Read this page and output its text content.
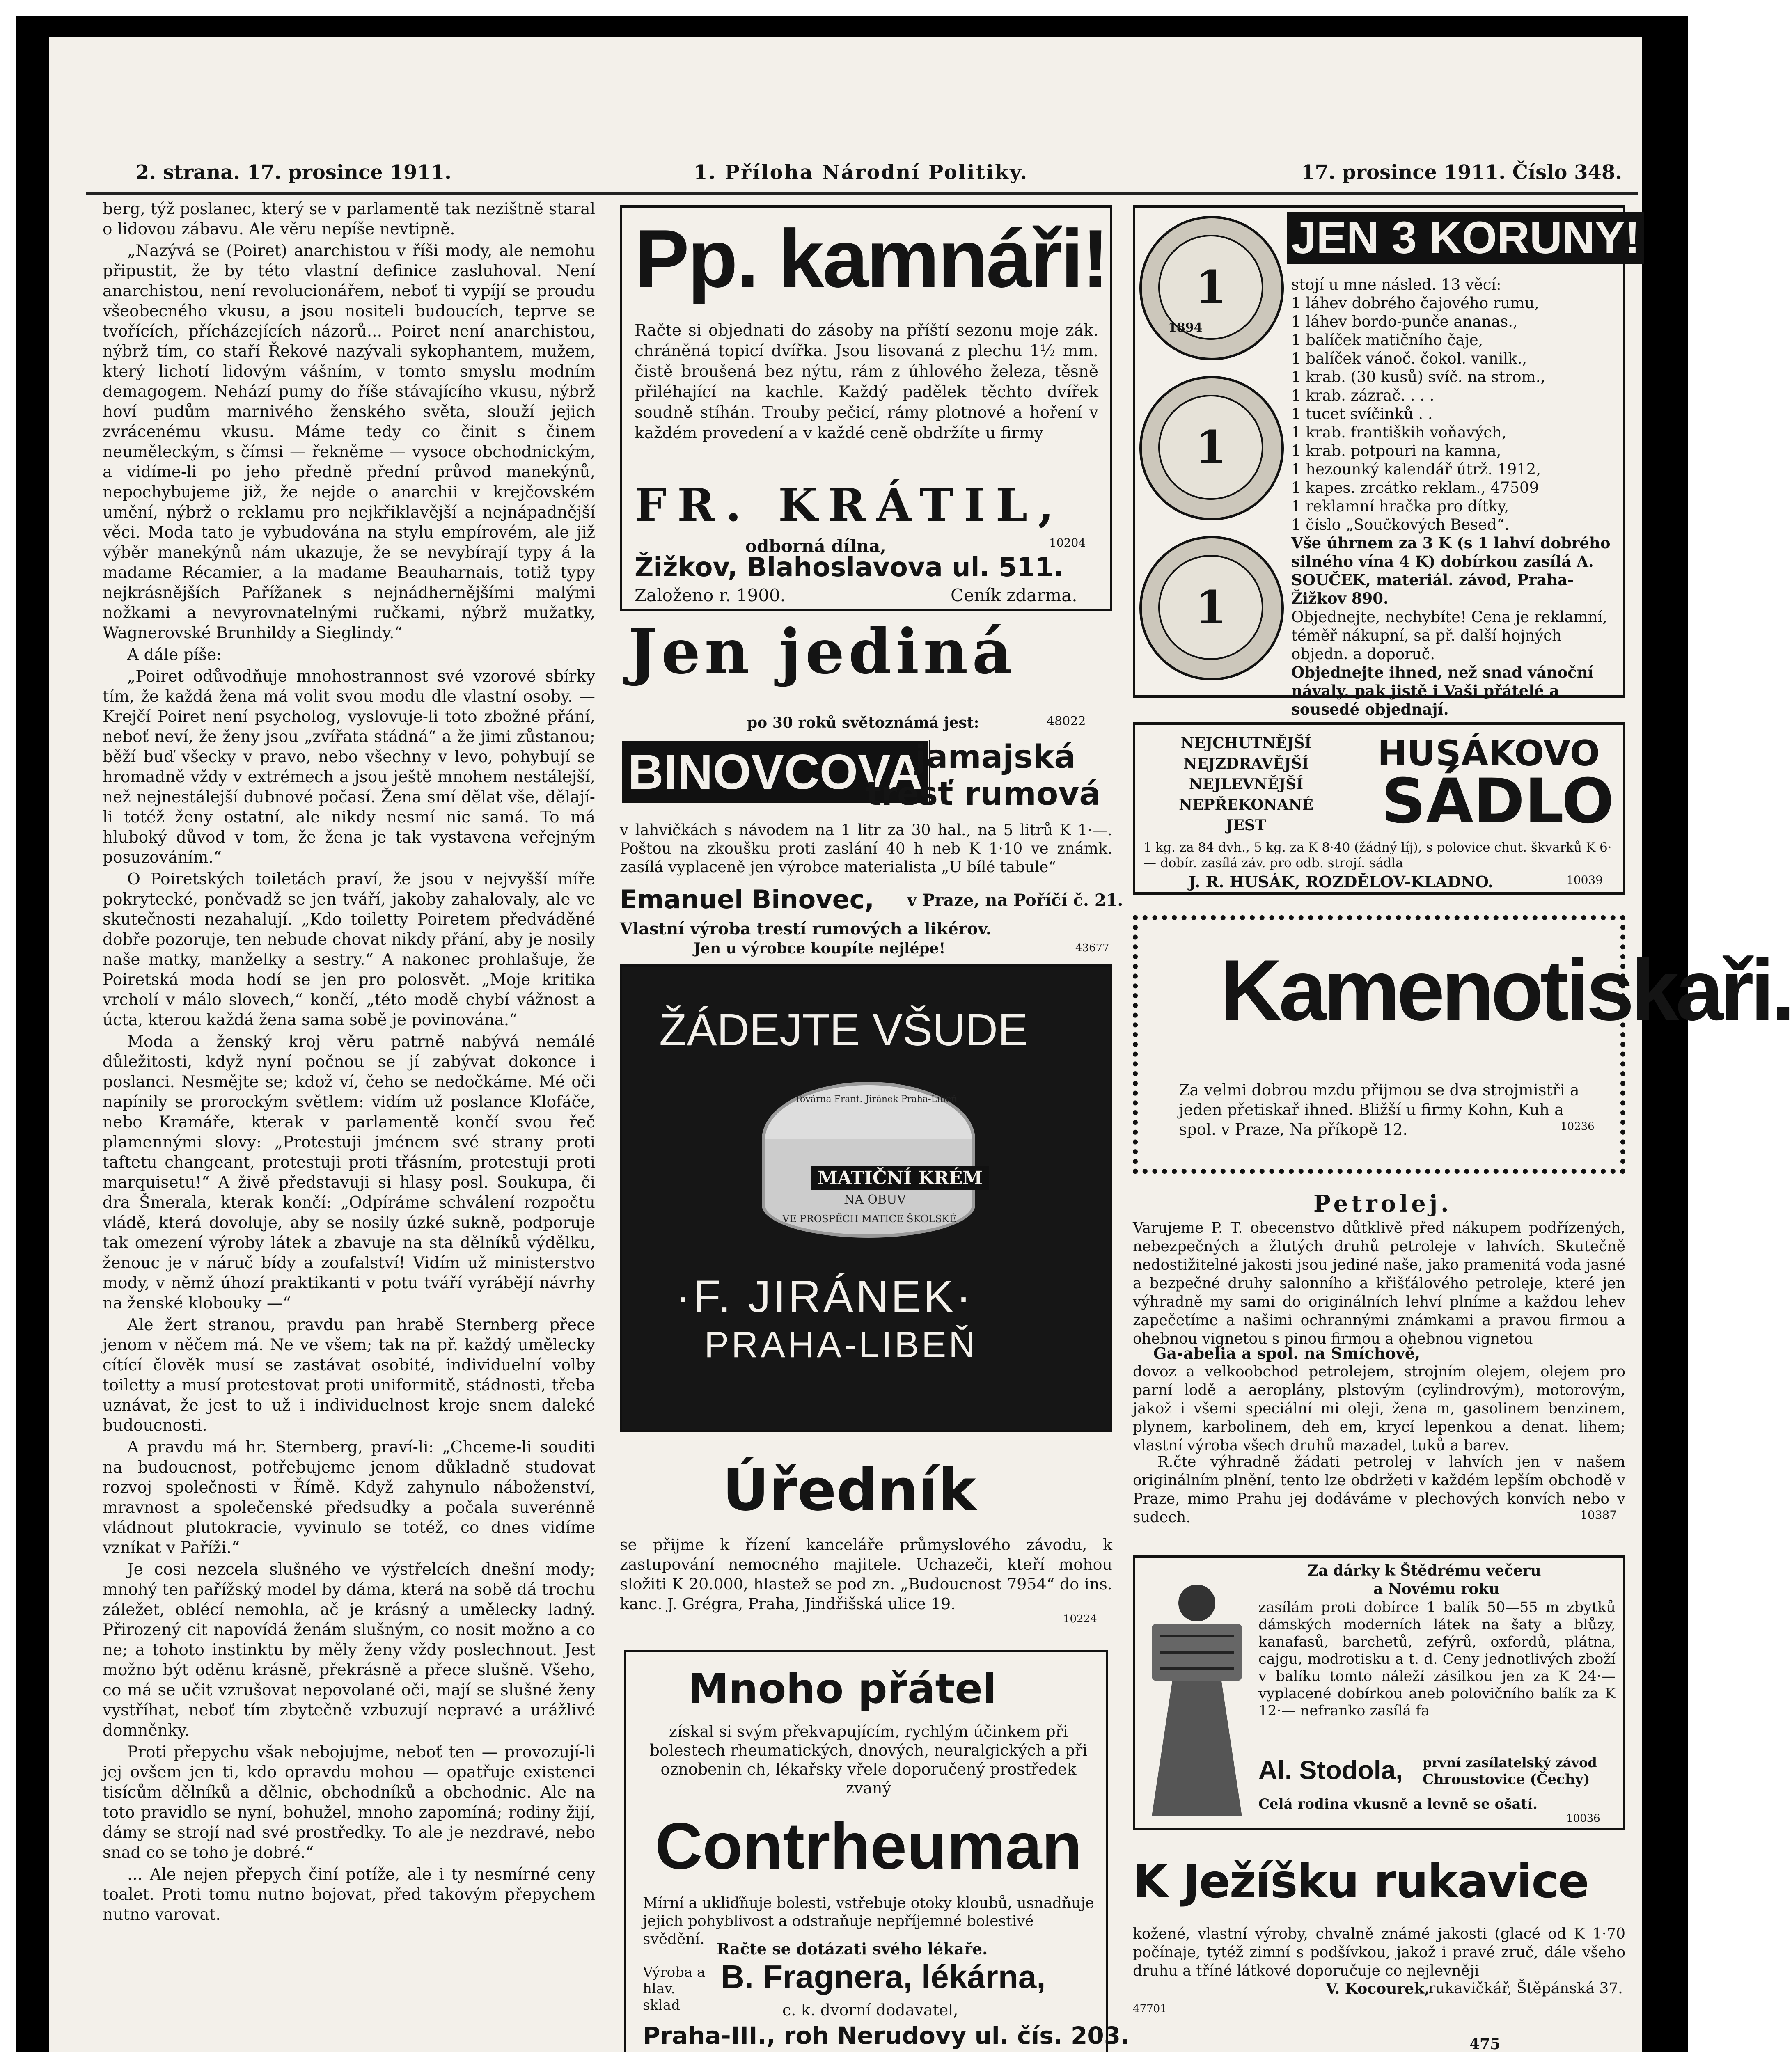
2. strana. 17. prosince 1911.	1. Příloha Národní Politiky.	17. prosince 1911. Číslo 348.

berg, týž poslanec, který se v parlamentě tak nezištně staral o lidovou zábavu. Ale věru nepíše nevtipně.

„Nazývá se (Poiret) anarchistou v říši mody, ale nemohu připustit, že by této vlastní definice zasluhoval. Není anarchistou, není revolucionářem, neboť ti vypíjí se proudu všeobecného vkusu, a jsou nositeli budoucích, teprve se tvořících, přícházejících názorů... Poiret není anarchistou, nýbrž tím, co staří Řekové nazývali sykophantem, mužem, který lichotí lidovým vášním, v tomto smyslu modním demagogem. Nehází pumy do říše stávajícího vkusu, nýbrž hoví pudům marnivého ženského světa, slouží jejich zvrácenému vkusu. Máme tedy co činit s činem neuměleckým, s čímsi — řekněme — vysoce obchodnickým, a vidíme-li po jeho předně přední průvod manekýnů, nepochybujeme již, že nejde o anarchii v krejčovském umění, nýbrž o reklamu pro nejkřiklavější a nejnápadnější věci. Moda tato je vybudována na stylu empírovém, ale již výběr manekýnů nám ukazuje, že se nevybírají typy á la madame Récamier, a la madame Beauharnais, totiž typy nejkrásnějších Pařížanek s nejnádhernějšími malými nožkami a nevyrovnatelnými ručkami, nýbrž mužatky, Wagnerovské Brunhildy a Sieglindy.“

A dále píše:

„Poiret odůvodňuje mnohostrannost své vzorové sbírky tím, že každá žena má volit svou modu dle vlastní osoby. — Krejčí Poiret není psycholog, vyslovuje-li toto zbožné přání, neboť neví, že ženy jsou „zvířata stádná“ a že jimi zůstanou; běží buď všecky v pravo, nebo všechny v levo, pohybují se hromadně vždy v extrémech a jsou ještě mnohem nestálejší, než nejnestálejší dubnové počasí. Žena smí dělat vše, dělají-li totéž ženy ostatní, ale nikdy nesmí nic samá. To má hluboký důvod v tom, že žena je tak vystavena veřejným posuzováním.“

O Poiretských toiletách praví, že jsou v nejvyšší míře pokrytecké, poněvadž se jen tváří, jakoby zahalovaly, ale ve skutečnosti nezahalují. „Kdo toiletty Poiretem předváděné dobře pozoruje, ten nebude chovat nikdy přání, aby je nosily naše matky, manželky a sestry.“ A nakonec prohlašuje, že Poiretská moda hodí se jen pro polosvět. „Moje kritika vrcholí v málo slovech,“ končí, „této modě chybí vážnost a úcta, kterou každá žena sama sobě je povinována.“

Moda a ženský kroj věru patrně nabývá nemálé důležitosti, když nyní počnou se jí zabývat dokonce i poslanci. Nesmějte se; kdož ví, čeho se nedočkáme. Mé oči napínily se prorockým světlem: vidím už poslance Klofáče, nebo Kramáře, kterak v parlamentě končí svou řeč plamennými slovy: „Protestuji jménem své strany proti taftetu changeant, protestuji proti třásním, protestuji proti marquisetu!“ A živě představuji si hlasy posl. Soukupa, či dra Šmerala, kterak končí: „Odpíráme schválení rozpočtu vládě, která dovoluje, aby se nosily úzké sukně, podporuje tak omezení výroby látek a zbavuje na sta dělníků výdělku, ženouc je v náruč bídy a zoufalství! Vidím už ministerstvo mody, v němž úhozí praktikanti v potu tváří vyrábějí návrhy na ženské klobouky —“

Ale žert stranou, pravdu pan hrabě Sternberg přece jenom v něčem má. Ne ve všem; tak na př. každý umělecky cítící člověk musí se zastávat osobité, individuelní volby toiletty a musí protestovat proti uniformitě, stádnosti, třeba uznávat, že jest to už i individuelnost kroje snem daleké budoucnosti.

A pravdu má hr. Sternberg, praví-li: „Chceme-li souditi na budoucnost, potřebujeme jenom důkladně studovat rozvoj společnosti v Římě. Když zahynulo náboženství, mravnost a společenské předsudky a počala suverénně vládnout plutokracie, vyvinulo se totéž, co dnes vidíme vzníkat v Paříži.“

Je cosi nezcela slušného ve výstřelcích dnešní mody; mnohý ten pařížský model by dáma, která na sobě dá trochu záležet, oblécí nemohla, ač je krásný a umělecky ladný. Přirozený cit napovídá ženám slušným, co nosit možno a co ne; a tohoto instinktu by měly ženy vždy poslechnout. Jest možno být oděnu krásně, překrásně a přece slušně. Všeho, co má se učit vzrušovat nepovolané oči, mají se slušné ženy vystříhat, neboť tím zbytečně vzbuzují nepravé a urážlivé domněnky.

Proti přepychu však nebojujme, neboť ten — provozují-li jej ovšem jen ti, kdo opravdu mohou — opatřuje existenci tisícům dělníků a dělnic, obchodníků a obchodnic. Ale na toto pravidlo se nyní, bohužel, mnoho zapomíná; rodiny žijí, dámy se strojí nad své prostředky. To ale je nezdravé, nebo snad co se toho je dobré.“

... Ale nejen přepych činí potíže, ale i ty nesmírné ceny toalet. Proti tomu nutno bojovat, před takovým přepychem nutno varovat.

Pp. kamnáři!
Račte si objednati do zásoby na příští sezonu moje zák. chráněná topicí dvířka. Jsou lisovaná z plechu 1½ mm. čistě broušená bez nýtu, rám z úhlového železa, těsně přiléhající na kachle. Každý padělek těchto dvířek soudně stíhán. Trouby pečicí, rámy plotnové a hoření v každém provedení a v každé ceně obdržíte u firmy
FR. KRÁTIL,
odborná dílna,	10204
Žižkov, Blahoslavova ul. 511.
Založeno r. 1900.	Ceník zdarma.
Jen jediná
po 30 roků světoznámá jest:	48022
BINOVCOVA
jamajská
tresť rumová
v lahvičkách s návodem na 1 litr za 30 hal., na 5 litrů K 1·—. Poštou na zkoušku proti zaslání 40 h neb K 1·10 ve známk. zasílá vyplaceně jen výrobce materialista „U bílé tabule“
Emanuel Binovec, v Praze, na Poříčí č. 21.
Vlastní výroba trestí rumových a likérov.
Jen u výrobce koupíte nejlépe!	43677
ŽÁDEJTE VŠUDE
Továrna Frant. Jiránek Praha-Libeň
MATIČNÍ KRÉM
NA OBUV
VE PROSPĚCH MATICE ŠKOLSKÉ
·F. JIRÁNEK·
PRAHA-LIBEŇ
Úředník
se přijme k řízení kanceláře průmyslového závodu, k zastupování nemocného majitele. Uchazeči, kteří mohou složiti K 20.000, hlastež se pod zn. „Budoucnost 7954“ do ins. kanc. J. Grégra, Praha, Jindřišská ulice 19.
10224
Mnoho přátel
získal si svým překvapujícím, rychlým účinkem při bolestech rheumatických, dnových, neuralgických a při oznobenin ch, lékařsky vřele doporučený prostředek zvaný
Contrheuman
Mírní a ukliďňuje bolesti, vstřebuje otoky kloubů, usnadňuje jejich pohyblivost a odstraňuje nepříjemné bolestivé svědění.
Račte se dotázati svého lékaře.
Výroba a hlav. sklad
B. Fragnera, lékárna,
c. k. dvorní dodavatel,
Praha-III., roh Nerudovy ul. čís. 203.

1
1
1
1894
JEN 3 KORUNY!
stojí u mne násled. 13 věcí:
1 láhev dobrého čajového rumu,
1 láhev bordo-punče ananas.,
1 balíček matičního čaje,
1 balíček vánoč. čokol. vanilk.,
1 krab. (30 kusů) svíč. na strom.,
1 krab. zázrač. . . .
1 tucet svíčinků . .
1 krab. františkih voňavých,
1 krab. potpouri na kamna,
1 hezounký kalendář útrž. 1912,
1 kapes. zrcátko reklam., 47509
1 reklamní hračka pro dítky,
1 číslo „Součkových Besed“.
Vše úhrnem za 3 K (s 1 lahví dobrého silného vína 4 K) dobírkou zasílá A. SOUČEK, materiál. závod, Praha-Žižkov 890.
Objednejte, nechybíte! Cena je reklamní, téměř nákupní, sa př. další hojných objedn. a doporuč.
Objednejte ihned, než snad vánoční návaly, pak jistě i Vaši přátelé a sousedé objednají.
NEJCHUTNĚJŠÍ
NEJZDRAVĚJŠÍ
NEJLEVNĚJŠÍ
NEPŘEKONANÉ
JEST
HUSÁKOVO
SÁDLO
1 kg. za 84 dvh., 5 kg. za K 8·40 (žádný líj), s polovice chut. škvarků K 6·— dobír. zasílá záv. pro odb. strojí. sádla
J. R. HUSÁK, ROZDĚLOV-KLADNO.	10039
Kamenotiskaři.
Za velmi dobrou mzdu přijmou se dva strojmistři a jeden přetiskař ihned. Bližší u firmy Kohn, Kuh a spol. v Praze, Na příkopě 12.	10236
Petrolej.
Varujeme P. T. obecenstvo důtklivě před nákupem podřízených, nebezpečných a žlutých druhů petroleje v lahvích. Skutečně nedostižitelné jakosti jsou jediné naše, jako pramenitá voda jasné a bezpečné druhy salonního a křišťálového petroleje, které jen výhradně my sami do originálních lehví plníme a každou lehev zapečetíme a našimi ochrannými známkami a pravou firmou a ohebnou vignetou s pinou firmou a ohebnou vignetou
Ga-abelia a spol. na Smíchově,
dovoz a velkoobchod petrolejem, strojním olejem, olejem pro parní lodě a aeroplány, plstovým (cylindrovým), motorovým, jakož i všemi speciální mi oleji, žena m, gasolinem benzinem, plynem, karbolinem, deh em, krycí lepenkou a denat. lihem; vlastní výroba všech druhů mazadel, tuků a barev.
R.čte výhradně žádati petrolej v lahvích jen v našem originálním plnění, tento lze obdržeti v každém lepším obchodě v Praze, mimo Prahu jej dodáváme v plechových konvích nebo v sudech.	10387
Za dárky k Štědrému večeru
a Novému roku
zasílám proti dobírce 1 balík 50—55 m zbytků dámských moderních látek na šaty a blůzy, kanafasů, barchetů, zefýrů, oxfordů, plátna, cajgu, modrotisku a t. d. Ceny jednotlivých zboží v balíku tomto náleží zásilkou jen za K 24·— vyplacené dobírkou aneb polovičního balík za K 12·— nefranko zasílá fa
Al. Stodola, první zasílatelský závod
Chroustovice (Čechy)
Celá rodina vkusně a levně se ošatí.
10036
K Ježíšku rukavice
kožené, vlastní výroby, chvalně známé jakosti (glacé od K 1·70 počínaje, tytéž zimní s podšívkou, jakož i pravé zruč, dále všeho druhu a tříné látkové doporučuje co nejlevněji
V. Kocourek,
rukavičkář, Štěpánská 37.
47701
475
